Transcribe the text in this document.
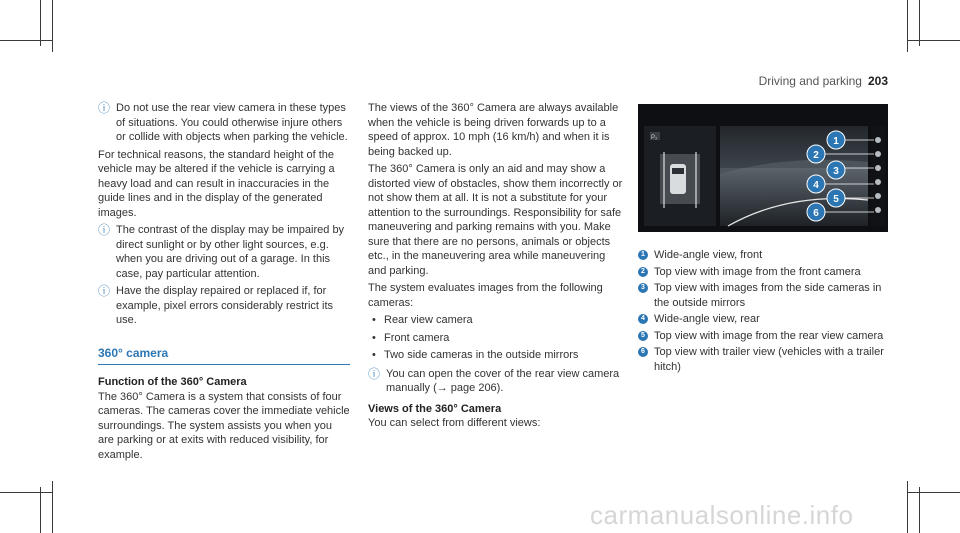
Driving and parking 203
ⓘ Do not use the rear view camera in these types of situations. You could otherwise injure others or collide with objects when parking the vehicle.

For technical reasons, the standard height of the vehicle may be altered if the vehicle is carrying a heavy load and can result in inaccuracies in the guide lines and in the display of the generated images.

ⓘ The contrast of the display may be impaired by direct sunlight or by other light sources, e.g. when you are driving out of a garage. In this case, pay particular attention.
ⓘ Have the display repaired or replaced if, for example, pixel errors considerably restrict its use.
360° camera
Function of the 360° Camera

The 360° Camera is a system that consists of four cameras. The cameras cover the immediate vehicle surroundings. The system assists you when you are parking or at exits with reduced visibility, for example.

The views of the 360° Camera are always available when the vehicle is being driven forwards up to a speed of approx. 10 mph (16 km/h) and when it is being backed up.

The 360° Camera is only an aid and may show a distorted view of obstacles, show them incorrectly or not show them at all. It is not a substitute for your attention to the surroundings. Responsibility for safe maneuvering and parking remains with you. Make sure that there are no persons, animals or objects etc., in the maneuvering area while maneuvering and parking.

The system evaluates images from the following cameras:

• Rear view camera
• Front camera
• Two side cameras in the outside mirrors
ⓘ You can open the cover of the rear view camera manually (→ page 206).
Views of the 360° Camera

You can select from different views:

P₂	1
2
3
4
5
6
1 Wide-angle view, front
2 Top view with image from the front camera
3 Top view with images from the side cameras in the outside mirrors
4 Wide-angle view, rear
5 Top view with image from the rear view camera
6 Top view with trailer view (vehicles with a trailer hitch)
carmanualsonline.info
